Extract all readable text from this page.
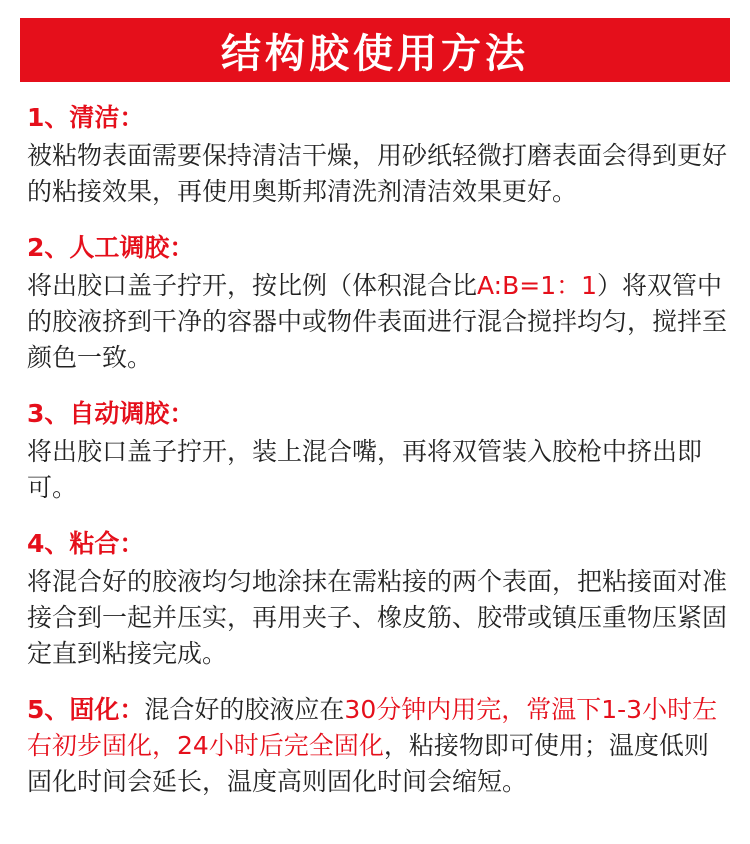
结构胶使用方法
1、清洁：
被粘物表面需要保持清洁干燥，用砂纸轻微打磨表面会得到更好的粘接效果，再使用奥斯邦清洗剂清洁效果更好。
2、人工调胶：
将出胶口盖子拧开，按比例（体积混合比A:B=1：1）将双管中的胶液挤到干净的容器中或物件表面进行混合搅拌均匀，搅拌至颜色一致。
3、自动调胶：
将出胶口盖子拧开，装上混合嘴，再将双管装入胶枪中挤出即可。
4、粘合：
将混合好的胶液均匀地涂抹在需粘接的两个表面，把粘接面对准接合到一起并压实，再用夹子、橡皮筋、胶带或镇压重物压紧固定直到粘接完成。
5、固化：混合好的胶液应在30分钟内用完，常温下1-3小时左右初步固化，24小时后完全固化，粘接物即可使用；温度低则固化时间会延长，温度高则固化时间会缩短。
